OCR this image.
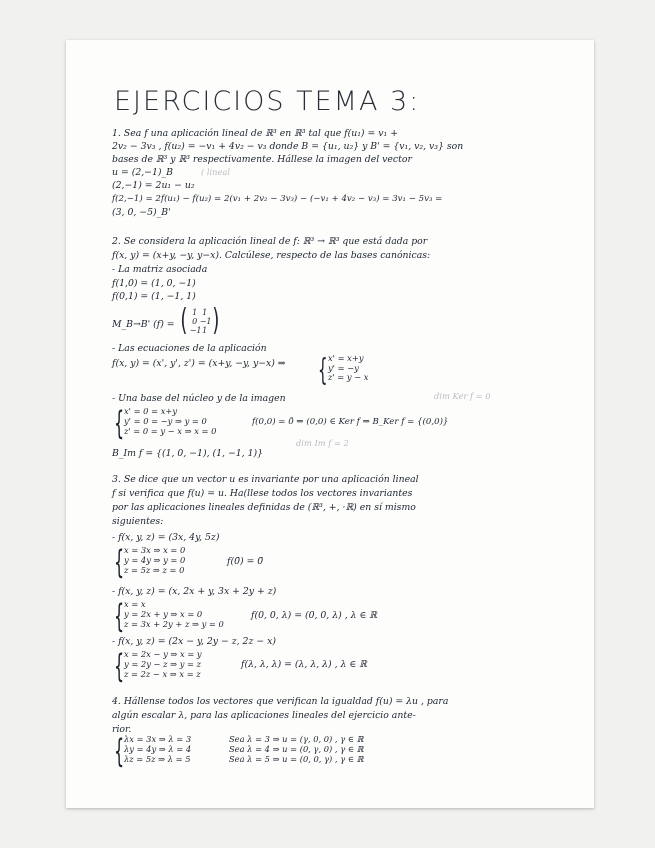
EJERCICIOS TEMA 3:
1. Sea f una aplicación lineal de ℝ³ en ℝ³ tal que f(u₁) = v₁ +
2v₂ − 3v₃ , f(u₂) = −v₁ + 4v₂ − v₃ donde B = {u₁, u₂} y B' = {v₁, v₂, v₃} son
bases de ℝ³ y ℝ³ respectivamente. Hállese la imagen del vector
u = (2,−1)_B	( lineal
(2,−1) = 2u₁ − u₂
f(2,−1) = 2f(u₁) − f(u₂) = 2(v₁ + 2v₂ − 3v₃) − (−v₁ + 4v₂ − v₃) = 3v₁ − 5v₃ =
(3, 0, −5)_B'
2. Se considera la aplicación lineal de f: ℝ³ → ℝ³ que está dada por
f(x, y) = (x+y, −y, y−x). Calcúlese, respecto de las bases canónicas:
- La matriz asociada
f(1,0) = (1, 0, −1)
f(0,1) = (1, −1, 1)
M_B→B' (f) = ( 1 1
0 −1
−1 1 )
- Las ecuaciones de la aplicación
f(x, y) = (x', y', z') = (x+y, −y, y−x) ⇒ { x' = x+y
y' = −y
z' = y − x
- Una base del núcleo y de la imagen	dim Ker f = 0
{ x' = 0 = x+y
y' = 0 = −y ⇒ y = 0
z' = 0 = y − x ⇒ x = 0
f(0,0) = 0̄ ⇒ (0,0) ∈ Ker f ⇒ B_Ker f = {(0,0)}
dim Im f = 2
B_Im f = {(1, 0, −1), (1, −1, 1)}
3. Se dice que un vector u es invariante por una aplicación lineal
f si verifica que f(u) = u. Ha(llese todos los vectores invariantes
por las aplicaciones lineales definidas de (ℝ³, +, ·ℝ) en sí mismo
siguientes:
- f(x, y, z) = (3x, 4y, 5z)
{ x = 3x ⇒ x = 0
y = 4y ⇒ y = 0
z = 5z ⇒ z = 0
f(0̄) = 0̄
- f(x, y, z) = (x, 2x + y, 3x + 2y + z)
{ x = x
y = 2x + y ⇒ x = 0
z = 3x + 2y + z ⇒ y = 0
f(0, 0, λ) = (0, 0, λ) , λ ∈ ℝ
- f(x, y, z) = (2x − y, 2y − z, 2z − x)
{ x = 2x − y ⇒ x = y
y = 2y − z ⇒ y = z
z = 2z − x ⇒ x = z
f(λ, λ, λ) = (λ, λ, λ) , λ ∈ ℝ
4. Hállense todos los vectores que verifican la igualdad f(u) = λu , para
algún escalar λ, para las aplicaciones lineales del ejercicio ante-
rior.
{ λx = 3x ⇒ λ = 3
λy = 4y ⇒ λ = 4
λz = 5z ⇒ λ = 5
Sea λ = 3 ⇒ u = (γ, 0, 0) , γ ∈ ℝ
Sea λ = 4 ⇒ u = (0, γ, 0) , γ ∈ ℝ
Sea λ = 5 ⇒ u = (0, 0, γ) , γ ∈ ℝ
